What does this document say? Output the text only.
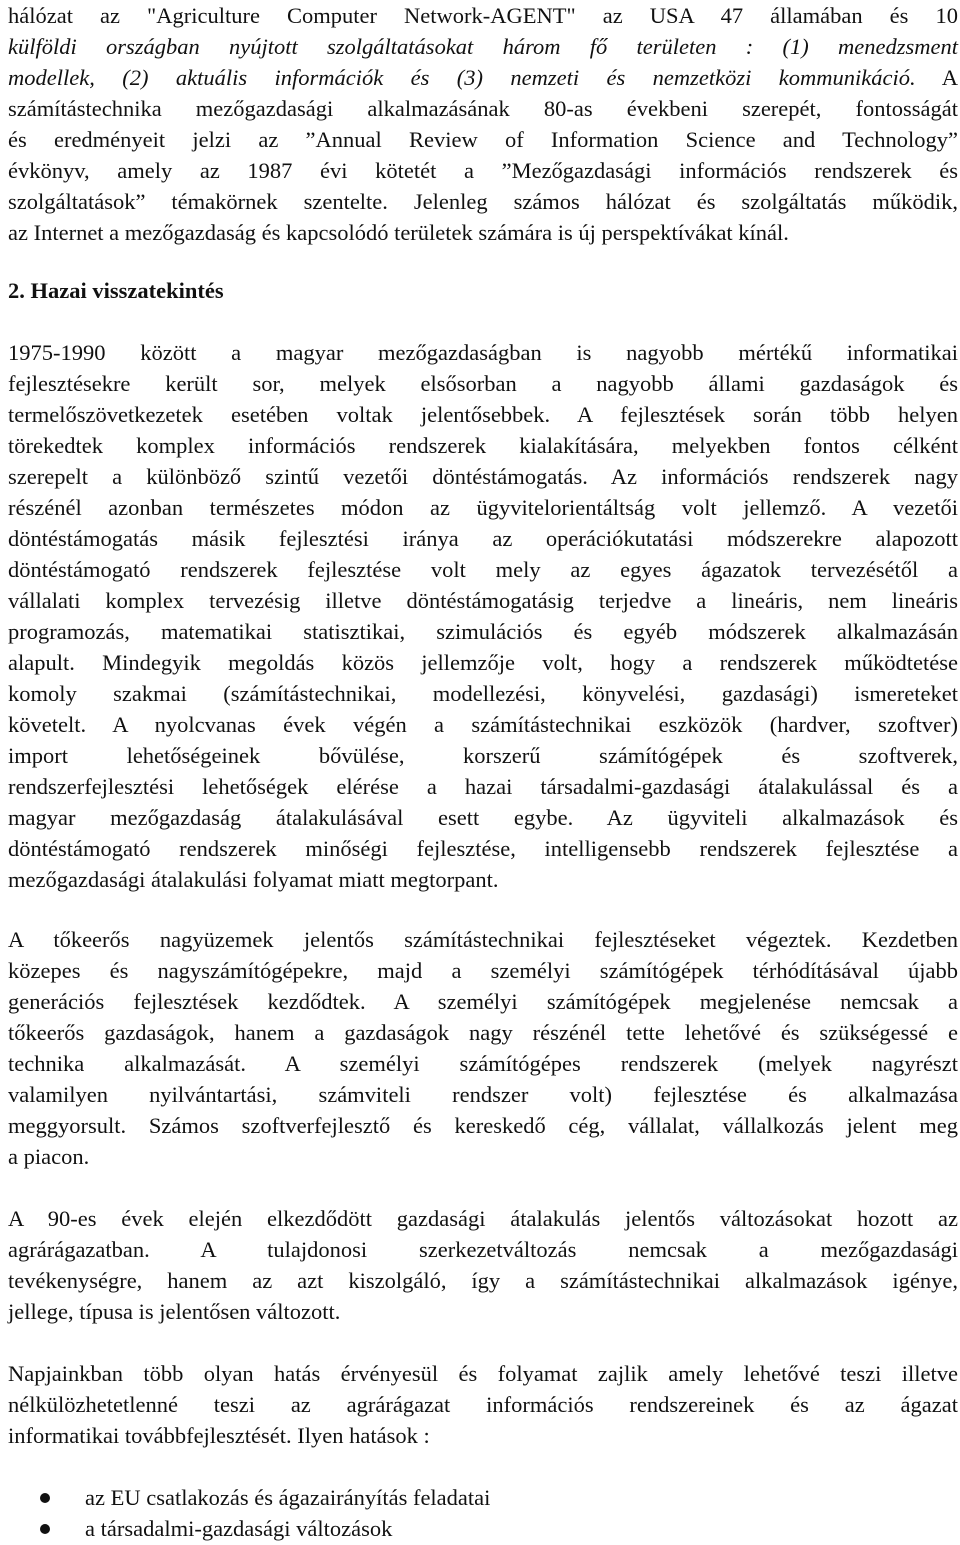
hálózat az "Agriculture Computer Network-AGENT" az USA 47 államában és 10
külföldi országban nyújtott szolgáltatásokat három fő területen : (1) menedzsment
modellek, (2) aktuális információk és (3) nemzeti és nemzetközi kommunikáció. A
számítástechnika mezőgazdasági alkalmazásának 80-as évekbeni szerepét, fontosságát
és eredményeit jelzi az ”Annual Review of Information Science and Technology”
évkönyv, amely az 1987 évi kötetét a ”Mezőgazdasági információs rendszerek és
szolgáltatások” témakörnek szentelte. Jelenleg számos hálózat és szolgáltatás működik,
az Internet a mezőgazdaság és kapcsolódó területek számára is új perspektívákat kínál.
2. Hazai visszatekintés
1975-1990 között a magyar mezőgazdaságban is nagyobb mértékű informatikai
fejlesztésekre került sor, melyek elsősorban a nagyobb állami gazdaságok és
termelőszövetkezetek esetében voltak jelentősebbek. A fejlesztések során több helyen
törekedtek komplex információs rendszerek kialakítására, melyekben fontos célként
szerepelt a különböző szintű vezetői döntéstámogatás. Az információs rendszerek nagy
részénél azonban természetes módon az ügyvitelorientáltság volt jellemző. A vezetői
döntéstámogatás másik fejlesztési iránya az operációkutatási módszerekre alapozott
döntéstámogató rendszerek fejlesztése volt mely az egyes ágazatok tervezésétől a
vállalati komplex tervezésig illetve döntéstámogatásig terjedve a lineáris, nem lineáris
programozás, matematikai statisztikai, szimulációs és egyéb módszerek alkalmazásán
alapult. Mindegyik megoldás közös jellemzője volt, hogy a rendszerek működtetése
komoly szakmai (számítástechnikai, modellezési, könyvelési, gazdasági) ismereteket
követelt. A nyolcvanas évek végén a számítástechnikai eszközök (hardver, szoftver)
import lehetőségeinek bővülése, korszerű számítógépek és szoftverek,
rendszerfejlesztési lehetőségek elérése a hazai társadalmi-gazdasági átalakulással és a
magyar mezőgazdaság átalakulásával esett egybe. Az ügyviteli alkalmazások és
döntéstámogató rendszerek minőségi fejlesztése, intelligensebb rendszerek fejlesztése a
mezőgazdasági átalakulási folyamat miatt megtorpant.
A tőkeerős nagyüzemek jelentős számítástechnikai fejlesztéseket végeztek. Kezdetben
közepes és nagyszámítógépekre, majd a személyi számítógépek térhódításával újabb
generációs fejlesztések kezdődtek. A személyi számítógépek megjelenése nemcsak a
tőkeerős gazdaságok, hanem a gazdaságok nagy részénél tette lehetővé és szükségessé e
technika alkalmazását. A személyi számítógépes rendszerek (melyek nagyrészt
valamilyen nyilvántartási, számviteli rendszer volt) fejlesztése és alkalmazása
meggyorsult. Számos szoftverfejlesztő és kereskedő cég, vállalat, vállalkozás jelent meg
a piacon.
A 90-es évek elején elkezdődött gazdasági átalakulás jelentős változásokat hozott az
agrárágazatban. A tulajdonosi szerkezetváltozás nemcsak a mezőgazdasági
tevékenységre, hanem az azt kiszolgáló, így a számítástechnikai alkalmazások igénye,
jellege, típusa is jelentősen változott.
Napjainkban több olyan hatás érvényesül és folyamat zajlik amely lehetővé teszi illetve
nélkülözhetetlenné teszi az agrárágazat információs rendszereinek és az ágazat
informatikai továbbfejlesztését. Ilyen hatások :
az EU csatlakozás és ágazairányítás feladatai
a társadalmi-gazdasági változások
